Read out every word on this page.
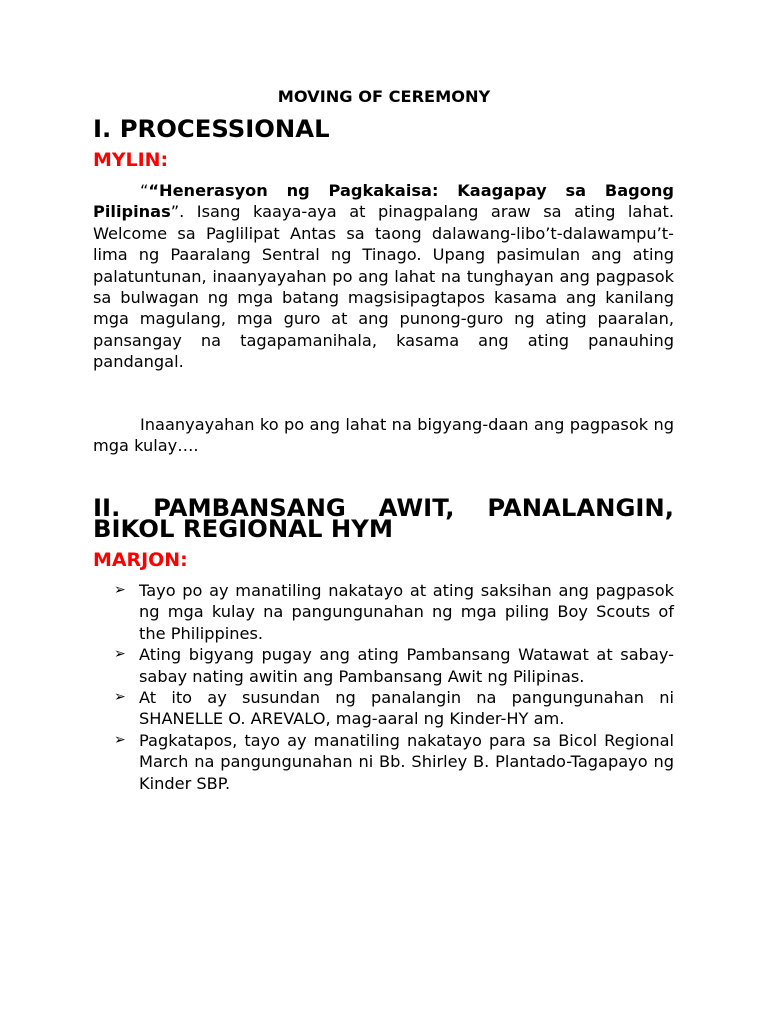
MOVING OF CEREMONY
I. PROCESSIONAL
MYLIN:

““Henerasyon ng Pagkakaisa: Kaagapay sa Bagong Pilipinas”. Isang kaaya-aya at pinagpalang araw sa ating lahat. Welcome sa Paglilipat Antas sa taong dalawang-libo’t-dalawampu’t-lima ng Paaralang Sentral ng Tinago. Upang pasimulan ang ating palatuntunan, inaanyayahan po ang lahat na tunghayan ang pagpasok sa bulwagan ng mga batang magsisipagtapos kasama ang kanilang mga magulang, mga guro at ang punong-guro ng ating paaralan, pansangay na tagapamanihala, kasama ang ating panauhing pandangal.

Inaanyayahan ko po ang lahat na bigyang-daan ang pagpasok ng mga kulay….

II. PAMBANSANG AWIT, PANALANGIN, BIKOL REGIONAL HYM
MARJON:
➢ Tayo po ay manatiling nakatayo at ating saksihan ang pagpasok ng mga kulay na pangungunahan ng mga piling Boy Scouts of the Philippines.
➢ Ating bigyang pugay ang ating Pambansang Watawat at sabay-sabay nating awitin ang Pambansang Awit ng Pilipinas.
➢ At ito ay susundan ng panalangin na pangungunahan ni SHANELLE O. AREVALO, mag-aaral ng Kinder-HY am.
➢ Pagkatapos, tayo ay manatiling nakatayo para sa Bicol Regional March na pangungunahan ni Bb. Shirley B. Plantado-Tagapayo ng Kinder SBP.
